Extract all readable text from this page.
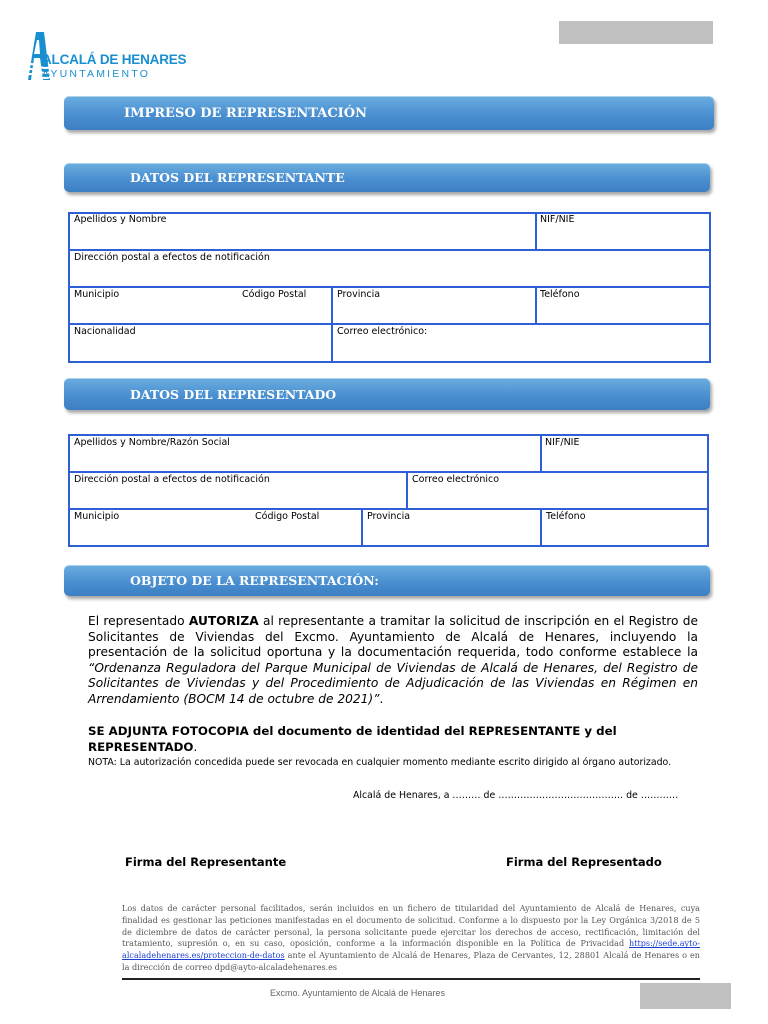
ALCALÁ DE HENARES
AYUNTAMIENTO
IMPRESO DE REPRESENTACIÓN
DATOS DEL REPRESENTANTE
Apellidos y Nombre	NIF/NIE
Dirección postal a efectos de notificación
Municipio	Código Postal	Provincia	Teléfono
Nacionalidad	Correo electrónico:
DATOS DEL REPRESENTADO
Apellidos y Nombre/Razón Social	NIF/NIE
Dirección postal a efectos de notificación	Correo electrónico
Municipio	Código Postal	Provincia	Teléfono
OBJETO DE LA REPRESENTACIÓN:
El representado AUTORIZA al representante a tramitar la solicitud de inscripción en el Registro de Solicitantes de Viviendas del Excmo. Ayuntamiento de Alcalá de Henares, incluyendo la presentación de la solicitud oportuna y la documentación requerida, todo conforme establece la “Ordenanza Reguladora del Parque Municipal de Viviendas de Alcalá de Henares, del Registro de Solicitantes de Viviendas y del Procedimiento de Adjudicación de las Viviendas en Régimen en Arrendamiento (BOCM 14 de octubre de 2021)”.
SE ADJUNTA FOTOCOPIA del documento de identidad del REPRESENTANTE y del REPRESENTADO.
NOTA: La autorización concedida puede ser revocada en cualquier momento mediante escrito dirigido al órgano autorizado.
Alcalá de Henares, a ……… de …………………………………. de …………
Firma del Representante	Firma del Representado
Los datos de carácter personal facilitados, serán incluidos en un fichero de titularidad del Ayuntamiento de Alcalá de Henares, cuya finalidad es gestionar las peticiones manifestadas en el documento de solicitud. Conforme a lo dispuesto por la Ley Orgánica 3/2018 de 5 de diciembre de datos de carácter personal, la persona solicitante puede ejercitar los derechos de acceso, rectificación, limitación del tratamiento, supresión o, en su caso, oposición, conforme a la información disponible en la Política de Privacidad https://sede.ayto-alcaladehenares.es/proteccion-de-datos ante el Ayuntamiento de Alcalá de Henares, Plaza de Cervantes, 12, 28801 Alcalá de Henares o en la dirección de correo dpd@ayto-alcaladehenares.es
Excmo. Ayuntamiento de Alcalá de Henares
